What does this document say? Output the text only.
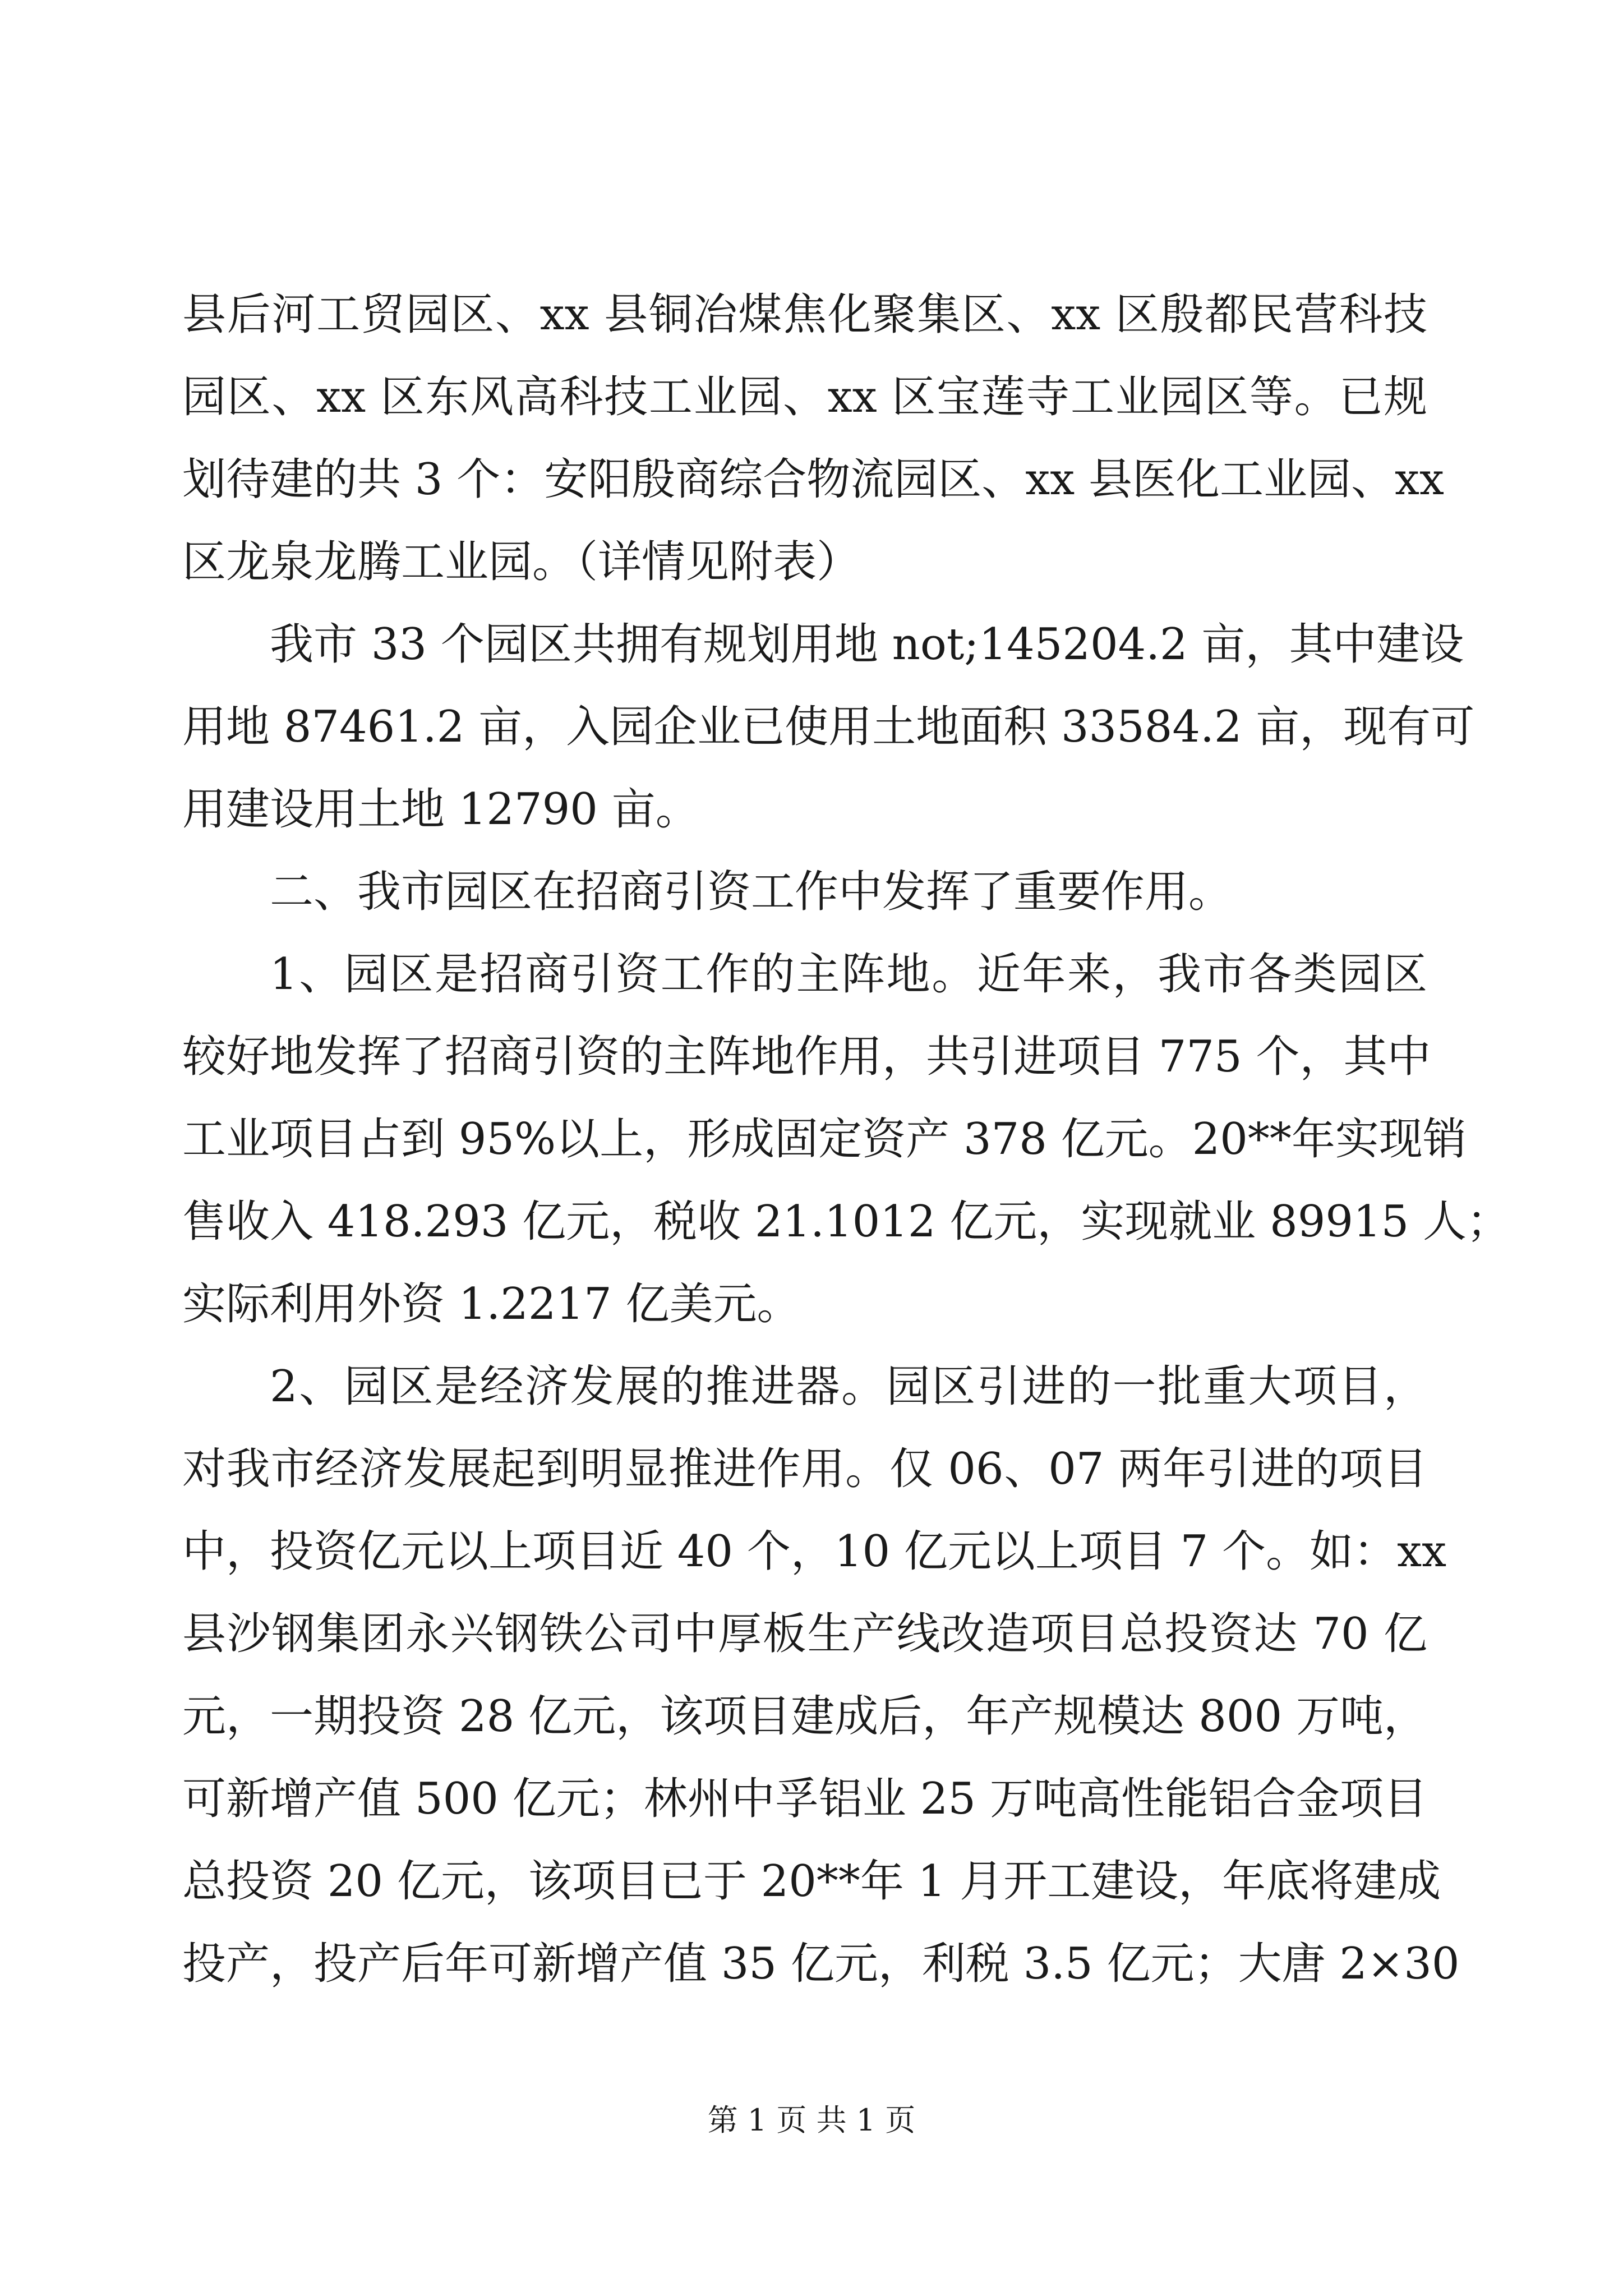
县后河工贸园区、xx 县铜冶煤焦化聚集区、xx 区殷都民营科技
园区、xx 区东风高科技工业园、xx 区宝莲寺工业园区等。已规
划待建的共 3 个：安阳殷商综合物流园区、xx 县医化工业园、xx
区龙泉龙腾工业园。（详情见附表）
我市 33 个园区共拥有规划用地 not;145204.2 亩，其中建设
用地 87461.2 亩，入园企业已使用土地面积 33584.2 亩，现有可
用建设用土地 12790 亩。
二、我市园区在招商引资工作中发挥了重要作用。
1、园区是招商引资工作的主阵地。近年来，我市各类园区
较好地发挥了招商引资的主阵地作用，共引进项目 775 个，其中
工业项目占到 95%以上，形成固定资产 378 亿元。20**年实现销
售收入 418.293 亿元，税收 21.1012 亿元，实现就业 89915 人；
实际利用外资 1.2217 亿美元。
2、园区是经济发展的推进器。园区引进的一批重大项目，
对我市经济发展起到明显推进作用。仅 06、07 两年引进的项目
中，投资亿元以上项目近 40 个，10 亿元以上项目 7 个。如：xx
县沙钢集团永兴钢铁公司中厚板生产线改造项目总投资达 70 亿
元，一期投资 28 亿元，该项目建成后，年产规模达 800 万吨，
可新增产值 500 亿元；林州中孚铝业 25 万吨高性能铝合金项目
总投资 20 亿元，该项目已于 20**年 1 月开工建设，年底将建成
投产，投产后年可新增产值 35 亿元，利税 3.5 亿元；大唐 2×30
第 1 页 共 1 页
